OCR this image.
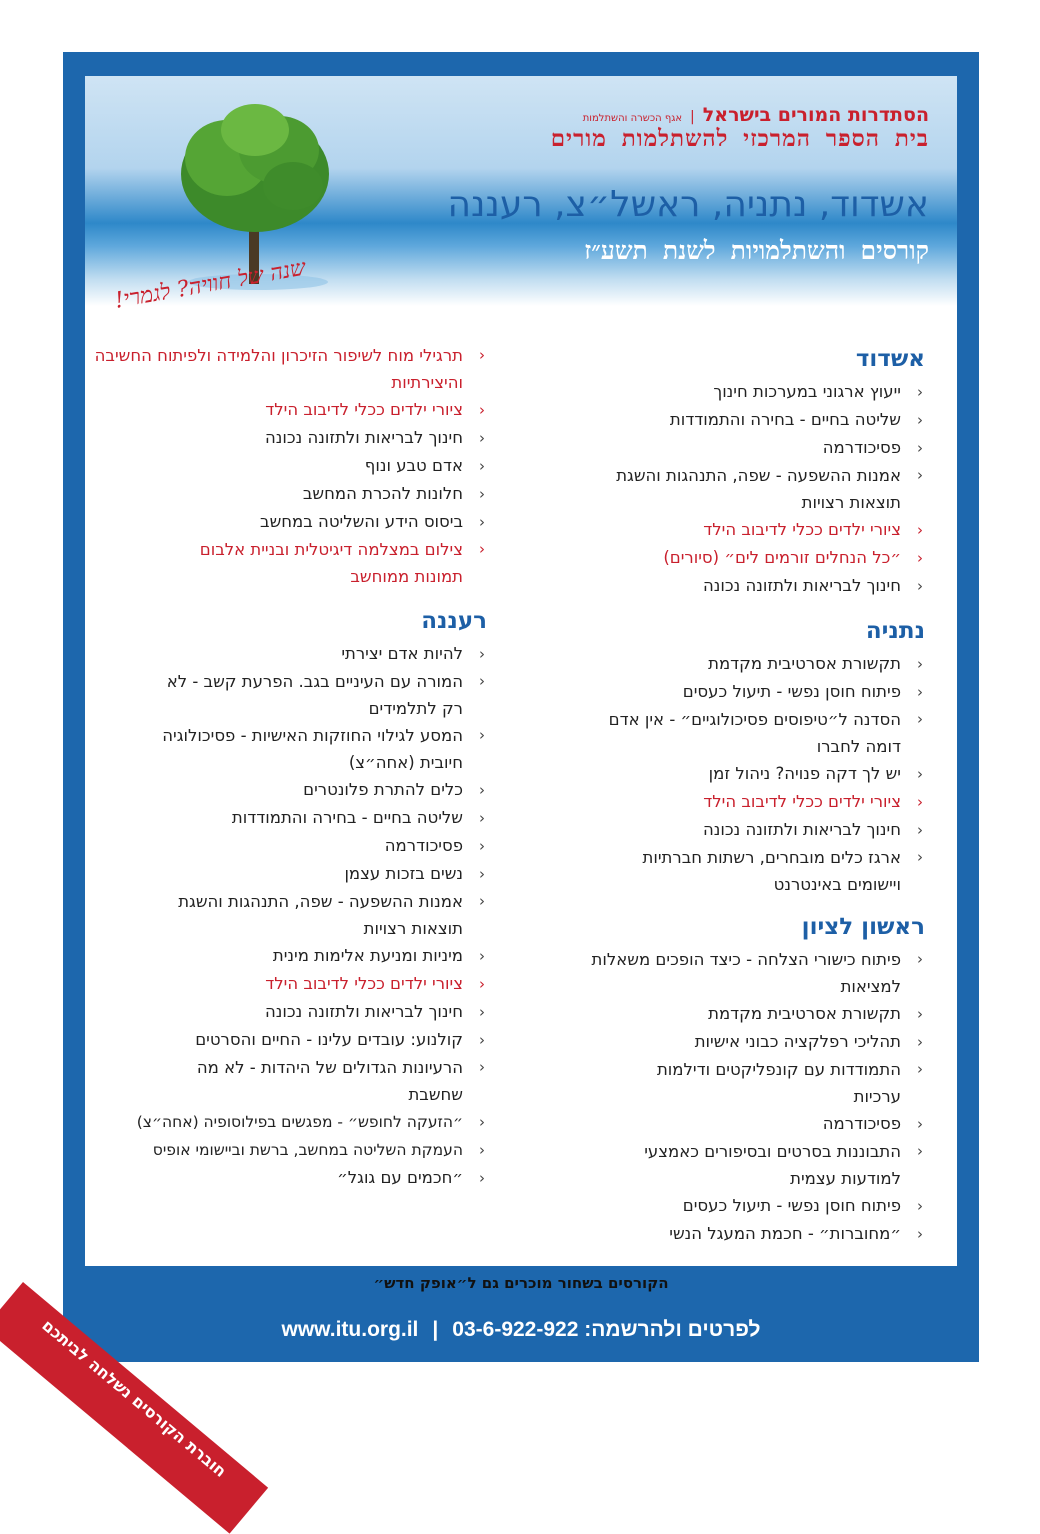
הסתדרות המורים בישראל
|
אגף הכשרה והשתלמות
בית הספר המרכזי להשתלמות מורים
אשדוד, נתניה, ראשל״צ, רעננה
קורסים והשתלמויות לשנת תשע״ז
שנה של חוויה? לגמרי!
אשדוד
‹
ייעוץ ארגוני במערכות חינוך
‹
שליטה בחיים - בחירה והתמודדות
‹
פסיכודרמה
‹
אמנות ההשפעה - שפה, התנהגות והשגת תוצאות רצויות
‹
ציורי ילדים ככלי לדיבוב הילד
‹
״כל הנחלים זורמים לים״ (סיורים)
‹
חינוך לבריאות ולתזונה נכונה
נתניה
‹
תקשורת אסרטיבית מקדמת
‹
פיתוח חוסן נפשי - תיעול כעסים
‹
הסדנה ל״טיפוסים פסיכולוגיים״ - אין אדם דומה לחברו
‹
יש לך דקה פנויה? ניהול זמן
‹
ציורי ילדים ככלי לדיבוב הילד
‹
חינוך לבריאות ולתזונה נכונה
‹
ארגז כלים מובחרים, רשתות חברתיות ויישומים באינטרנט
ראשון לציון
‹
פיתוח כישורי הצלחה - כיצד הופכים משאלות למציאות
‹
תקשורת אסרטיבית מקדמת
‹
תהליכי רפלקציה כבוני אישיות
‹
התמודדות עם קונפליקטים ודילמות ערכיות
‹
פסיכודרמה
‹
התבוננות בסרטים ובסיפורים כאמצעי למודעות עצמית
‹
פיתוח חוסן נפשי - תיעול כעסים
‹
״מחוברות״ - חכמת המעגל הנשי
‹
תרגילי מוח לשיפור הזיכרון והלמידה ולפיתוח החשיבה והיצירתיות
‹
ציורי ילדים ככלי לדיבוב הילד
‹
חינוך לבריאות ולתזונה נכונה
‹
אדם טבע ונוף
‹
חלונות להכרת המחשב
‹
ביסוס הידע והשליטה במחשב
‹
צילום במצלמה דיגיטלית ובניית אלבום תמונות ממוחשב
רעננה
‹
להיות אדם יצירתי
‹
המורה עם העיניים בגב. הפרעת קשב - לא רק לתלמידים
‹
המסע לגילוי החוזקות האישיות - פסיכולוגיה חיובית (אחה״צ)
‹
כלים להתרת פלונטרים
‹
שליטה בחיים - בחירה והתמודדות
‹
פסיכודרמה
‹
נשים בזכות עצמן
‹
אמנות ההשפעה - שפה, התנהגות והשגת תוצאות רצויות
‹
מיניות ומניעת אלימות מינית
‹
ציורי ילדים ככלי לדיבוב הילד
‹
חינוך לבריאות ולתזונה נכונה
‹
קולנוע: עובדים עלינו - החיים והסרטים
‹
הרעיונות הגדולים של היהדות - לא מה שחשבת
‹
״הזעקה לחופש״ - מפגשים בפילוסופיה (אחה״צ)
‹
העמקת השליטה במחשב, ברשת וביישומי אופיס
‹
״חכמים עם גוגל״
הקורסים בשחור מוכרים גם ל״אופק חדש״
www.itu.org.il | לפרטים ולהרשמה: 03-6-922-922
חוברת הקורסים נשלחה לביתכם
